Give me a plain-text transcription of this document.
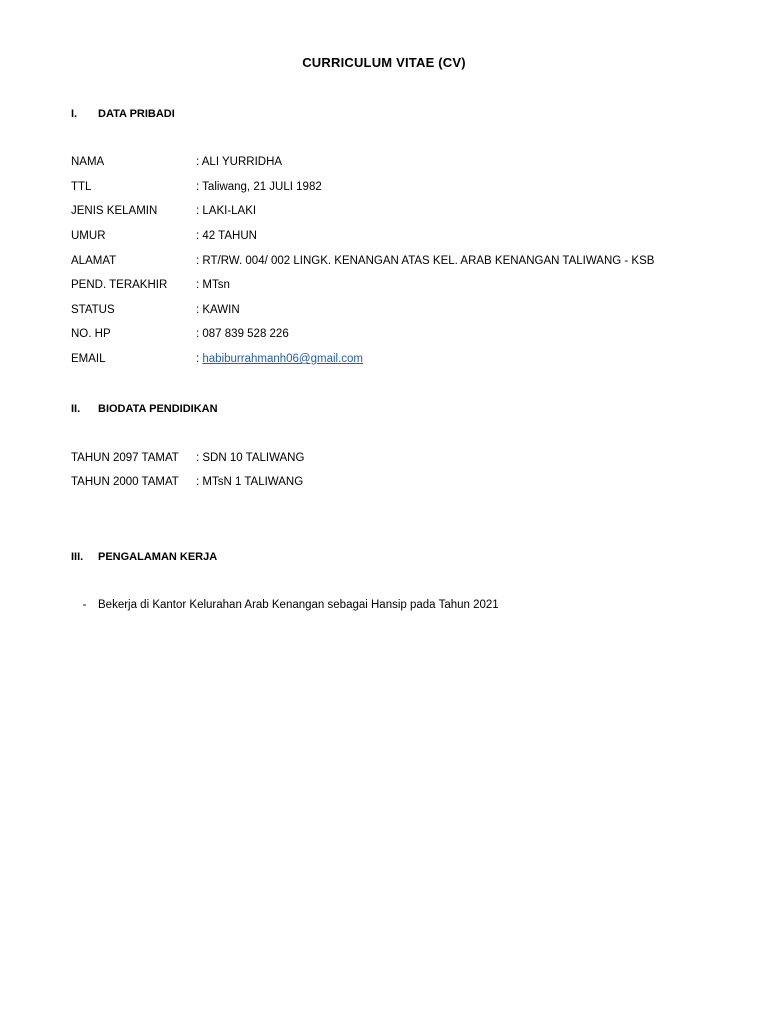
CURRICULUM VITAE (CV)
I.	DATA PRIBADI
NAMA	: ALI YURRIDHA
TTL	: Taliwang, 21 JULI 1982
JENIS KELAMIN	: LAKI-LAKI
UMUR	: 42 TAHUN
ALAMAT	: RT/RW. 004/ 002 LINGK. KENANGAN ATAS KEL. ARAB KENANGAN TALIWANG - KSB
PEND. TERAKHIR	: MTsn
STATUS	: KAWIN
NO. HP	: 087 839 528 226
EMAIL	: habiburrahmanh06@gmail.com
II.	BIODATA PENDIDIKAN
TAHUN 2097 TAMAT	: SDN 10 TALIWANG
TAHUN 2000 TAMAT	: MTsN 1 TALIWANG
III.	PENGALAMAN KERJA
-	Bekerja di Kantor Kelurahan Arab Kenangan sebagai Hansip pada Tahun 2021
